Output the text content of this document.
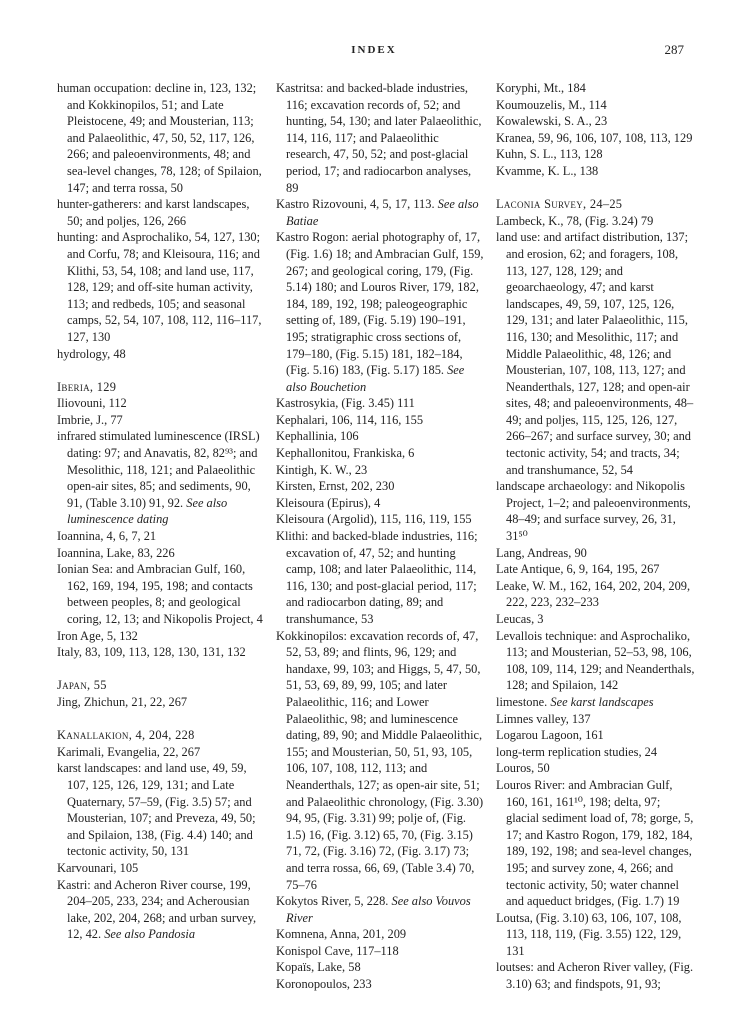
INDEX	287
human occupation: decline in, 123, 132; and Kokkinopilos, 51; and Late Pleistocene, 49; and Mousterian, 113; and Palaeolithic, 47, 50, 52, 117, 126, 266; and paleoenvironments, 48; and sea-level changes, 78, 128; of Spilaion, 147; and terra rossa, 50
hunter-gatherers: and karst landscapes, 50; and poljes, 126, 266
hunting: and Asprochaliko, 54, 127, 130; and Corfu, 78; and Kleisoura, 116; and Klithi, 53, 54, 108; and land use, 117, 128, 129; and off-site human activity, 113; and redbeds, 105; and seasonal camps, 52, 54, 107, 108, 112, 116–117, 127, 130
hydrology, 48
Iberia, 129
Iliovouni, 112
Imbrie, J., 77
infrared stimulated luminescence (IRSL) dating: 97; and Anavatis, 82, 82⁹³; and Mesolithic, 118, 121; and Palaeolithic open-air sites, 85; and sediments, 90, 91, (Table 3.10) 91, 92. See also luminescence dating
Ioannina, 4, 6, 7, 21
Ioannina, Lake, 83, 226
Ionian Sea: and Ambracian Gulf, 160, 162, 169, 194, 195, 198; and contacts between peoples, 8; and geological coring, 12, 13; and Nikopolis Project, 4
Iron Age, 5, 132
Italy, 83, 109, 113, 128, 130, 131, 132
Japan, 55
Jing, Zhichun, 21, 22, 267
Kanallakion, 4, 204, 228
Karimali, Evangelia, 22, 267
karst landscapes: and land use, 49, 59, 107, 125, 126, 129, 131; and Late Quaternary, 57–59, (Fig. 3.5) 57; and Mousterian, 107; and Preveza, 49, 50; and Spilaion, 138, (Fig. 4.4) 140; and tectonic activity, 50, 131
Karvounari, 105
Kastri: and Acheron River course, 199, 204–205, 233, 234; and Acherousian lake, 202, 204, 268; and urban survey, 12, 42. See also Pandosia
Kastritsa: and backed-blade industries, 116; excavation records of, 52; and hunting, 54, 130; and later Palaeolithic, 114, 116, 117; and Palaeolithic research, 47, 50, 52; and post-glacial period, 17; and radiocarbon analyses, 89
Kastro Rizovouni, 4, 5, 17, 113. See also Batiae
Kastro Rogon: aerial photography of, 17, (Fig. 1.6) 18; and Ambracian Gulf, 159, 267; and geological coring, 179, (Fig. 5.14) 180; and Louros River, 179, 182, 184, 189, 192, 198; paleogeographic setting of, 189, (Fig. 5.19) 190–191, 195; stratigraphic cross sections of, 179–180, (Fig. 5.15) 181, 182–184, (Fig. 5.16) 183, (Fig. 5.17) 185. See also Bouchetion
Kastrosykia, (Fig. 3.45) 111
Kephalari, 106, 114, 116, 155
Kephallinia, 106
Kephallonitou, Frankiska, 6
Kintigh, K. W., 23
Kirsten, Ernst, 202, 230
Kleisoura (Epirus), 4
Kleisoura (Argolid), 115, 116, 119, 155
Klithi: and backed-blade industries, 116; excavation of, 47, 52; and hunting camp, 108; and later Palaeolithic, 114, 116, 130; and post-glacial period, 117; and radiocarbon dating, 89; and transhumance, 53
Kokkinopilos: excavation records of, 47, 52, 53, 89; and flints, 96, 129; and handaxe, 99, 103; and Higgs, 5, 47, 50, 51, 53, 69, 89, 99, 105; and later Palaeolithic, 116; and Lower Palaeolithic, 98; and luminescence dating, 89, 90; and Middle Palaeolithic, 155; and Mousterian, 50, 51, 93, 105, 106, 107, 108, 112, 113; and Neanderthals, 127; as open-air site, 51; and Palaeolithic chronology, (Fig. 3.30) 94, 95, (Fig. 3.31) 99; polje of, (Fig. 1.5) 16, (Fig. 3.12) 65, 70, (Fig. 3.15) 71, 72, (Fig. 3.16) 72, (Fig. 3.17) 73; and terra rossa, 66, 69, (Table 3.4) 70, 75–76
Kokytos River, 5, 228. See also Vouvos River
Komnena, Anna, 201, 209
Konispol Cave, 117–118
Kopaïs, Lake, 58
Koronopoulos, 233
Koryphi, Mt., 184
Koumouzelis, M., 114
Kowalewski, S. A., 23
Kranea, 59, 96, 106, 107, 108, 113, 129
Kuhn, S. L., 113, 128
Kvamme, K. L., 138
Laconia Survey, 24–25
Lambeck, K., 78, (Fig. 3.24) 79
land use: and artifact distribution, 137; and erosion, 62; and foragers, 108, 113, 127, 128, 129; and geoarchaeology, 47; and karst landscapes, 49, 59, 107, 125, 126, 129, 131; and later Palaeolithic, 115, 116, 130; and Mesolithic, 117; and Middle Palaeolithic, 48, 126; and Mousterian, 107, 108, 113, 127; and Neanderthals, 127, 128; and open-air sites, 48; and paleoenvironments, 48–49; and poljes, 115, 125, 126, 127, 266–267; and surface survey, 30; and tectonic activity, 54; and tracts, 34; and transhumance, 52, 54
landscape archaeology: and Nikopolis Project, 1–2; and paleoenvironments, 48–49; and surface survey, 26, 31, 31⁵⁰
Lang, Andreas, 90
Late Antique, 6, 9, 164, 195, 267
Leake, W. M., 162, 164, 202, 204, 209, 222, 223, 232–233
Leucas, 3
Levallois technique: and Asprochaliko, 113; and Mousterian, 52–53, 98, 106, 108, 109, 114, 129; and Neanderthals, 128; and Spilaion, 142
limestone. See karst landscapes
Limnes valley, 137
Logarou Lagoon, 161
long-term replication studies, 24
Louros, 50
Louros River: and Ambracian Gulf, 160, 161, 161¹⁰, 198; delta, 97; glacial sediment load of, 78; gorge, 5, 17; and Kastro Rogon, 179, 182, 184, 189, 192, 198; and sea-level changes, 195; and survey zone, 4, 266; and tectonic activity, 50; water channel and aqueduct bridges, (Fig. 1.7) 19
Loutsa, (Fig. 3.10) 63, 106, 107, 108, 113, 118, 119, (Fig. 3.55) 122, 129, 131
loutses: and Acheron River valley, (Fig. 3.10) 63; and findspots, 91, 93;
